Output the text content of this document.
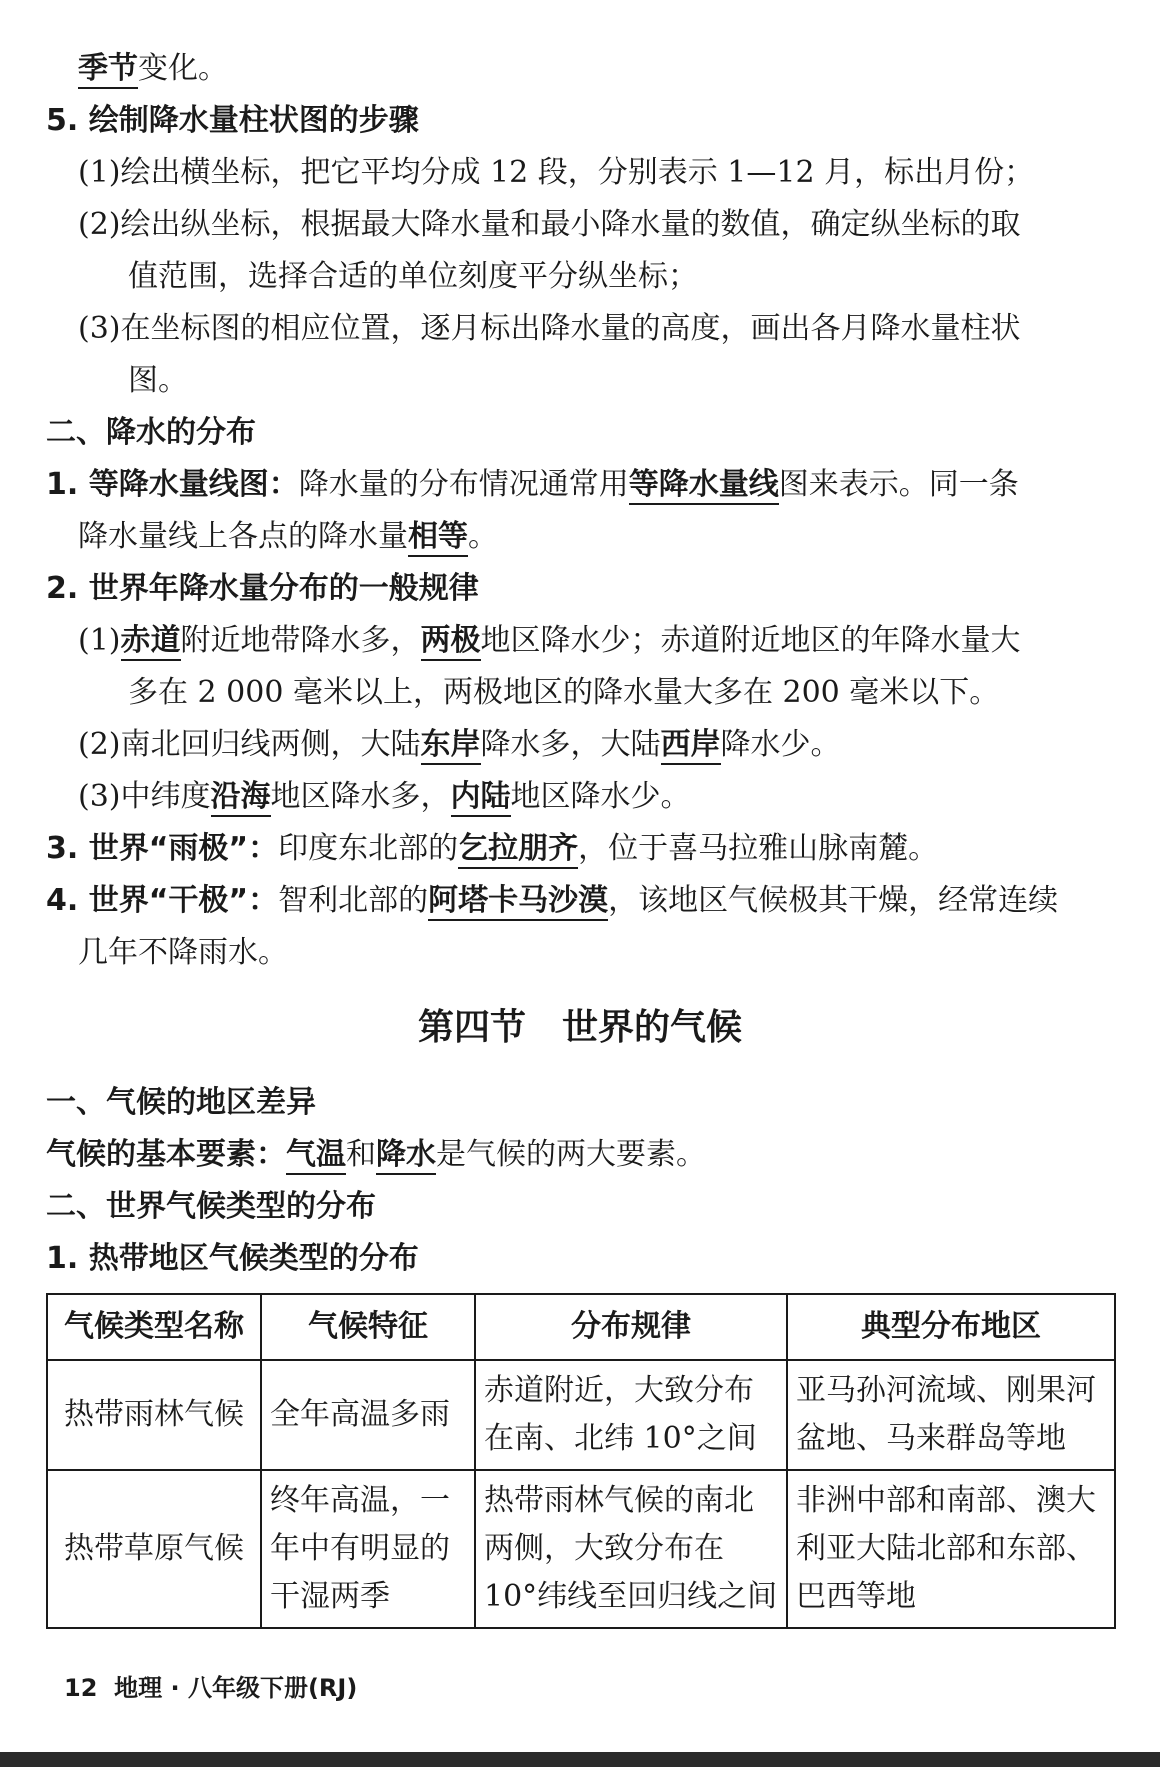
季节变化。
5. 绘制降水量柱状图的步骤
(1)绘出横坐标，把它平均分成 12 段，分别表示 1—12 月，标出月份；
(2)绘出纵坐标，根据最大降水量和最小降水量的数值，确定纵坐标的取
值范围，选择合适的单位刻度平分纵坐标；
(3)在坐标图的相应位置，逐月标出降水量的高度，画出各月降水量柱状
图。
二、降水的分布
1. 等降水量线图：降水量的分布情况通常用等降水量线图来表示。同一条
降水量线上各点的降水量相等。
2. 世界年降水量分布的一般规律
(1)赤道附近地带降水多，两极地区降水少；赤道附近地区的年降水量大
多在 2 000 毫米以上，两极地区的降水量大多在 200 毫米以下。
(2)南北回归线两侧，大陆东岸降水多，大陆西岸降水少。
(3)中纬度沿海地区降水多，内陆地区降水少。
3. 世界“雨极”：印度东北部的乞拉朋齐，位于喜马拉雅山脉南麓。
4. 世界“干极”：智利北部的阿塔卡马沙漠，该地区气候极其干燥，经常连续
几年不降雨水。
第四节　世界的气候
一、气候的地区差异
气候的基本要素：气温和降水是气候的两大要素。
二、世界气候类型的分布
1. 热带地区气候类型的分布
气候类型名称	气候特征	分布规律	典型分布地区
热带雨林气候	全年高温多雨	赤道附近，大致分布在南、北纬 10°之间	亚马孙河流域、刚果河盆地、马来群岛等地
热带草原气候	终年高温，一年中有明显的干湿两季	热带雨林气候的南北两侧，大致分布在 10°纬线至回归线之间	非洲中部和南部、澳大利亚大陆北部和东部、巴西等地
12 地理 · 八年级下册(RJ)
